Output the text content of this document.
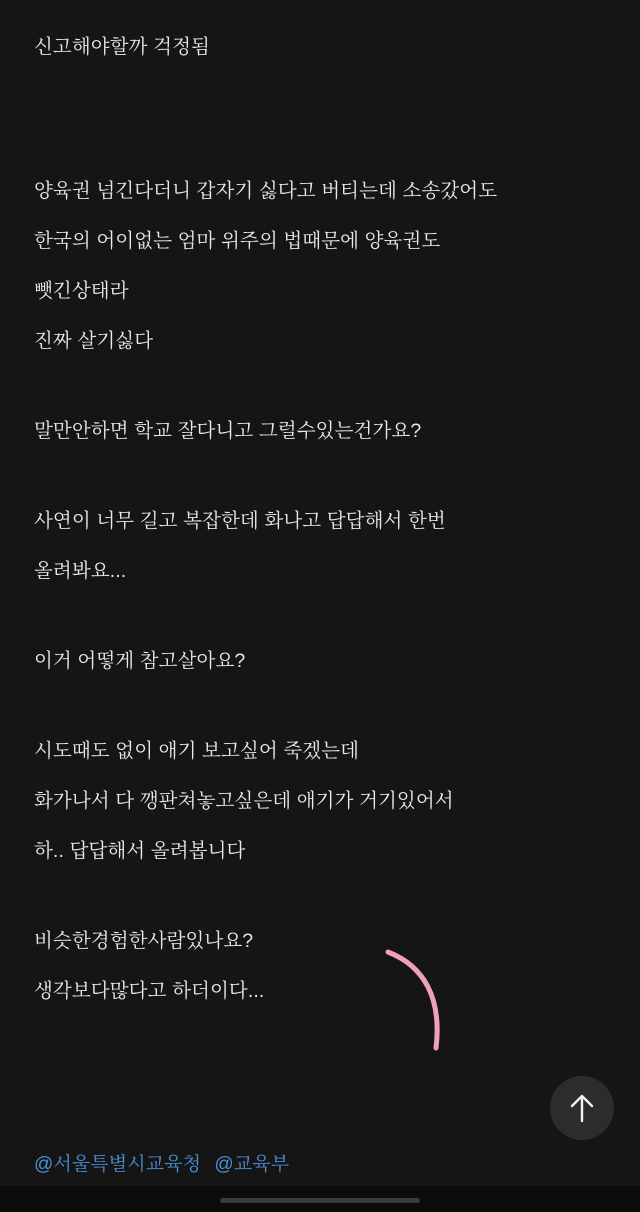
신고해야할까 걱정됨
양육권 넘긴다더니 갑자기 싫다고 버티는데 소송갔어도
한국의 어이없는 엄마 위주의 법때문에 양육권도
뺏긴상태라
진짜 살기싫다
말만안하면 학교 잘다니고 그럴수있는건가요?
사연이 너무 길고 복잡한데 화나고 답답해서 한번
올려봐요...
이거 어떻게 참고살아요?
시도때도 없이 애기 보고싶어 죽겠는데
화가나서 다 깽판쳐놓고싶은데 애기가 거기있어서
하.. 답답해서 올려봅니다
비슷한경험한사람있나요?
생각보다많다고 하더이다...
@서울특별시교육청 @교육부
